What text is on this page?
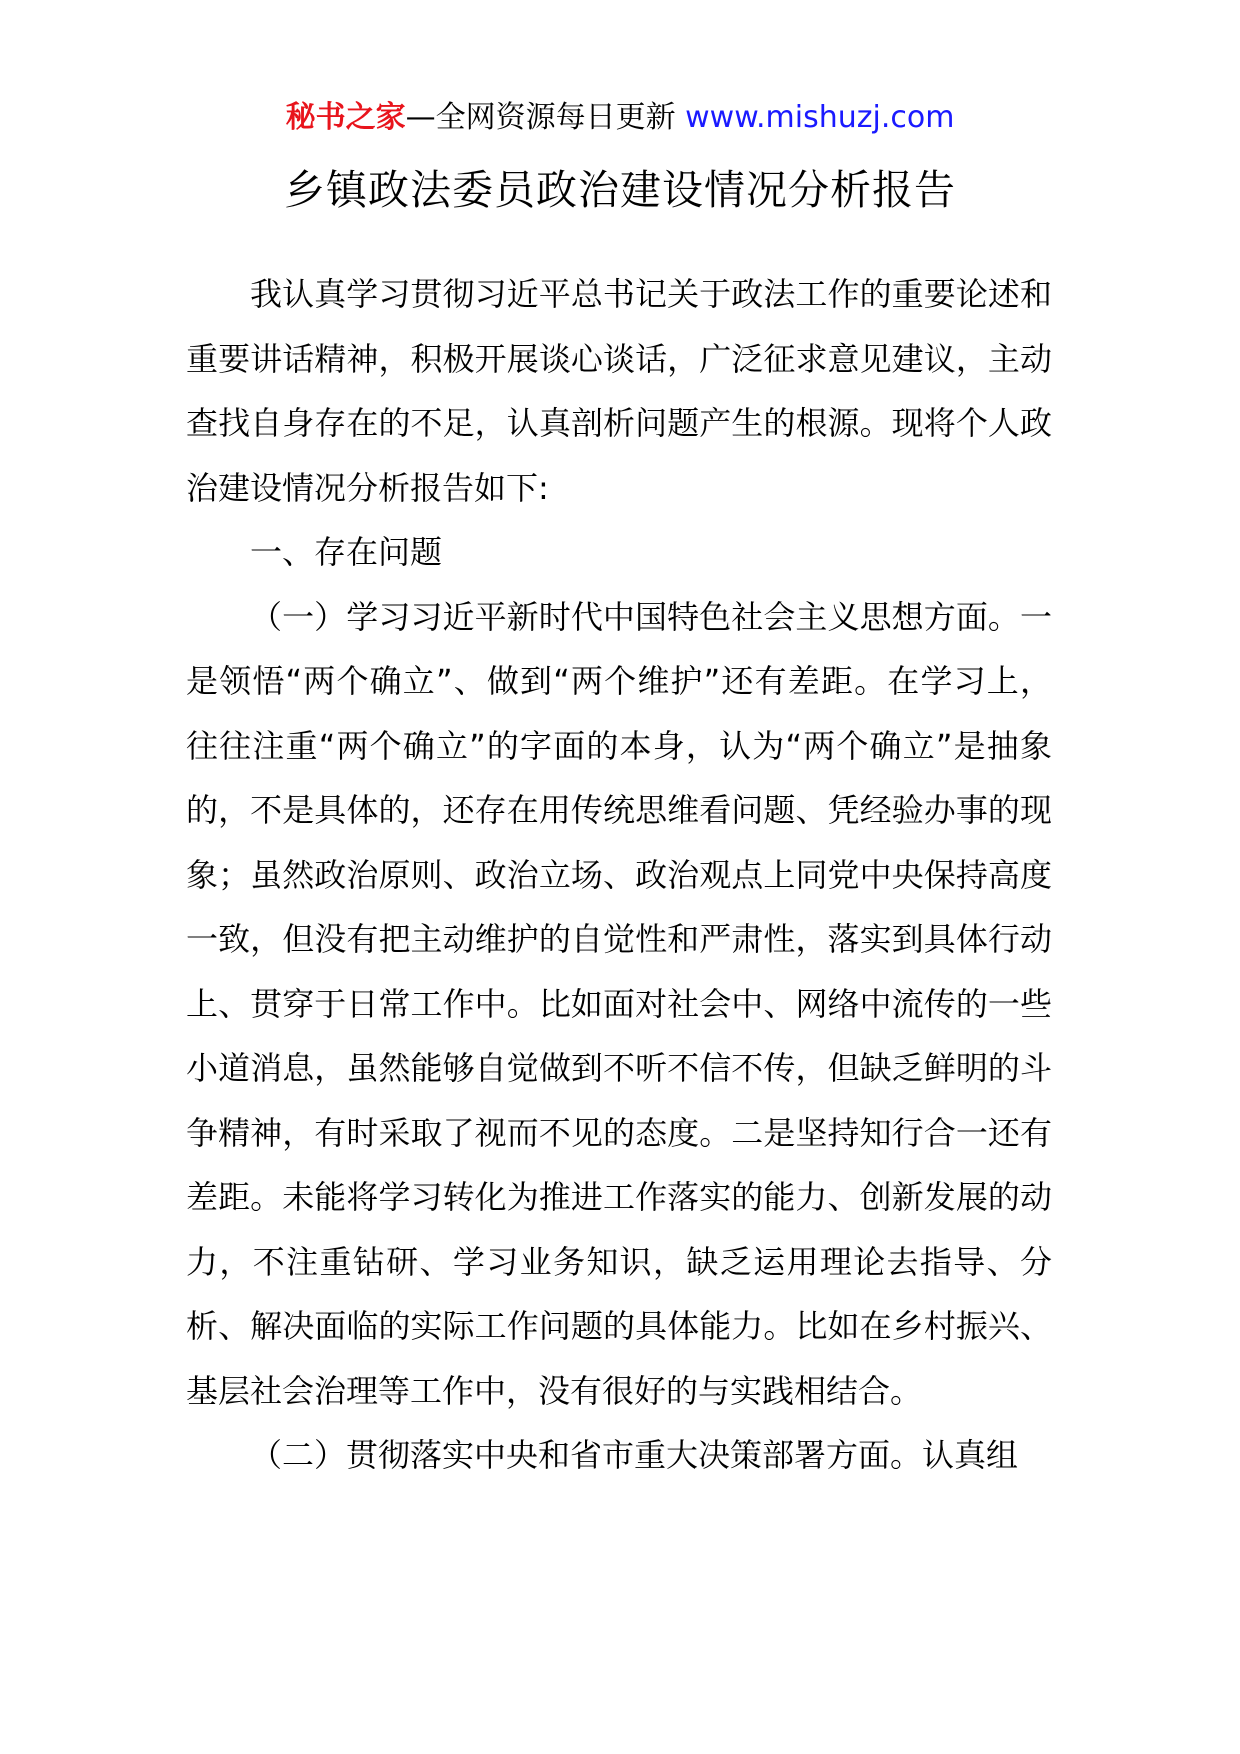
秘书之家—全网资源每日更新 www.mishuzj.com
乡镇政法委员政治建设情况分析报告

我认真学习贯彻习近平总书记关于政法工作的重要论述和重要讲话精神，积极开展谈心谈话，广泛征求意见建议，主动查找自身存在的不足，认真剖析问题产生的根源。现将个人政治建设情况分析报告如下:

一、存在问题

（一）学习习近平新时代中国特色社会主义思想方面。一是领悟“两个确立”、做到“两个维护”还有差距。在学习上，往往注重“两个确立”的字面的本身，认为“两个确立”是抽象的，不是具体的，还存在用传统思维看问题、凭经验办事的现象；虽然政治原则、政治立场、政治观点上同党中央保持高度一致，但没有把主动维护的自觉性和严肃性，落实到具体行动上、贯穿于日常工作中。比如面对社会中、网络中流传的一些小道消息，虽然能够自觉做到不听不信不传，但缺乏鲜明的斗争精神，有时采取了视而不见的态度。二是坚持知行合一还有差距。未能将学习转化为推进工作落实的能力、创新发展的动力，不注重钻研、学习业务知识，缺乏运用理论去指导、分析、解决面临的实际工作问题的具体能力。比如在乡村振兴、基层社会治理等工作中，没有很好的与实践相结合。

（二）贯彻落实中央和省市重大决策部署方面。认真组
